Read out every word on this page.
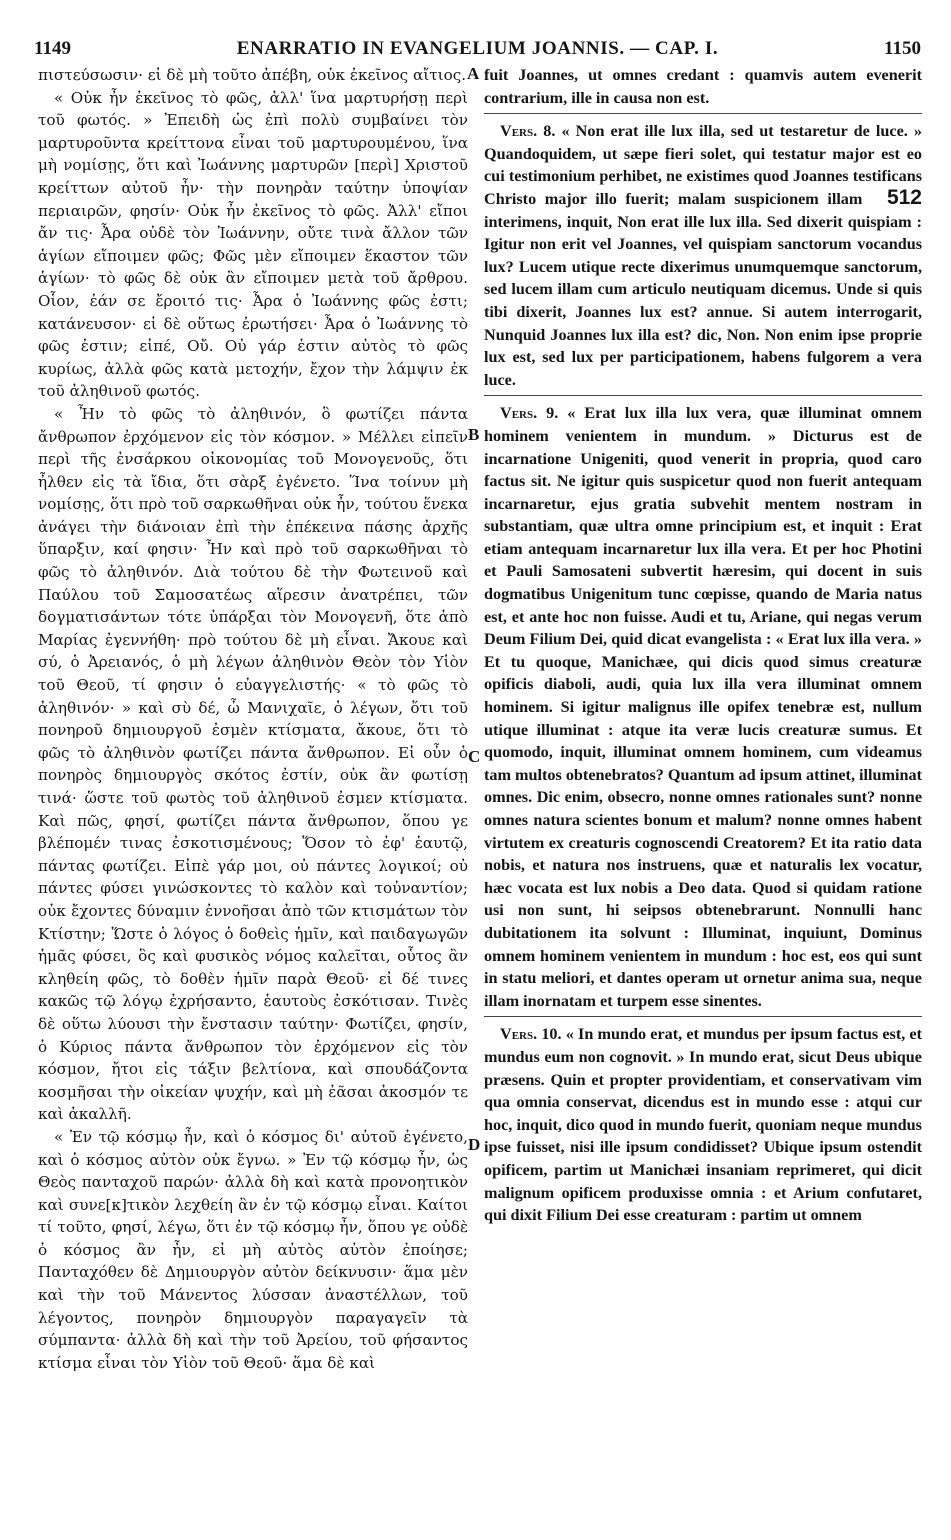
1149	ENARRATIO IN EVANGELIUM JOANNIS. — CAP. I.	1150

πιστεύσωσιν· εἰ δὲ μὴ τοῦτο ἀπέβη, οὐκ ἐκεῖνος αἴτιος.

« Οὐκ ἦν ἐκεῖνος τὸ φῶς, ἀλλ' ἵνα μαρτυρήσῃ περὶ τοῦ φωτός. » Ἐπειδὴ ὡς ἐπὶ πολὺ συμβαίνει τὸν μαρτυροῦντα κρείττονα εἶναι τοῦ μαρτυρουμένου, ἵνα μὴ νομίσῃς, ὅτι καὶ Ἰωάννης μαρτυρῶν [περὶ] Χριστοῦ κρείττων αὐτοῦ ἦν· τὴν πονηρὰν ταύτην ὑποψίαν περιαιρῶν, φησίν· Οὐκ ἦν ἐκεῖνος τὸ φῶς. Ἀλλ' εἴποι ἄν τις· Ἆρα οὐδὲ τὸν Ἰωάννην, οὔτε τινὰ ἄλλον τῶν ἁγίων εἴποιμεν φῶς; Φῶς μὲν εἴποιμεν ἕκαστον τῶν ἁγίων· τὸ φῶς δὲ οὐκ ἂν εἴποιμεν μετὰ τοῦ ἄρθρου. Οἷον, ἐάν σε ἔροιτό τις· Ἆρα ὁ Ἰωάννης φῶς ἐστι; κατάνευσον· εἰ δὲ οὕτως ἐρωτήσει· Ἆρα ὁ Ἰωάννης τὸ φῶς ἐστιν; εἰπέ, Οὔ. Οὐ γάρ ἐστιν αὐτὸς τὸ φῶς κυρίως, ἀλλὰ φῶς κατὰ μετοχήν, ἔχον τὴν λάμψιν ἐκ τοῦ ἀληθινοῦ φωτός.

« Ἦν τὸ φῶς τὸ ἀληθινόν, ὃ φωτίζει πάντα ἄνθρωπον ἐρχόμενον εἰς τὸν κόσμον. » Μέλλει εἰπεῖν περὶ τῆς ἐνσάρκου οἰκονομίας τοῦ Μονογενοῦς, ὅτι ἦλθεν εἰς τὰ ἴδια, ὅτι σὰρξ ἐγένετο. Ἵνα τοίνυν μὴ νομίσῃς, ὅτι πρὸ τοῦ σαρκωθῆναι οὐκ ἦν, τούτου ἕνεκα ἀνάγει τὴν διάνοιαν ἐπὶ τὴν ἐπέκεινα πάσης ἀρχῆς ὕπαρξιν, καί φησιν· Ἦν καὶ πρὸ τοῦ σαρκωθῆναι τὸ φῶς τὸ ἀληθινόν. Διὰ τούτου δὲ τὴν Φωτεινοῦ καὶ Παύλου τοῦ Σαμοσατέως αἵρεσιν ἀνατρέπει, τῶν δογματισάντων τότε ὑπάρξαι τὸν Μονογενῆ, ὅτε ἀπὸ Μαρίας ἐγεννήθη· πρὸ τούτου δὲ μὴ εἶναι. Ἄκουε καὶ σύ, ὁ Ἀρειανός, ὁ μὴ λέγων ἀληθινὸν Θεὸν τὸν Υἱὸν τοῦ Θεοῦ, τί φησιν ὁ εὐαγγελιστής· « τὸ φῶς τὸ ἀληθινόν· » καὶ σὺ δέ, ὦ Μανιχαῖε, ὁ λέγων, ὅτι τοῦ πονηροῦ δημιουργοῦ ἐσμὲν κτίσματα, ἄκουε, ὅτι τὸ φῶς τὸ ἀληθινὸν φωτίζει πάντα ἄνθρωπον. Εἰ οὖν ὁ πονηρὸς δημιουργὸς σκότος ἐστίν, οὐκ ἂν φωτίσῃ τινά· ὥστε τοῦ φωτὸς τοῦ ἀληθινοῦ ἐσμεν κτίσματα. Καὶ πῶς, φησί, φωτίζει πάντα ἄνθρωπον, ὅπου γε βλέπομέν τινας ἐσκοτισμένους; Ὅσον τὸ ἐφ' ἑαυτῷ, πάντας φωτίζει. Εἰπὲ γάρ μοι, οὐ πάντες λογικοί; οὐ πάντες φύσει γινώσκοντες τὸ καλὸν καὶ τοὐναντίον; οὐκ ἔχοντες δύναμιν ἐννοῆσαι ἀπὸ τῶν κτισμάτων τὸν Κτίστην; Ὥστε ὁ λόγος ὁ δοθεὶς ἡμῖν, καὶ παιδαγωγῶν ἡμᾶς φύσει, ὃς καὶ φυσικὸς νόμος καλεῖται, οὗτος ἂν κληθείη φῶς, τὸ δοθὲν ἡμῖν παρὰ Θεοῦ· εἰ δέ τινες κακῶς τῷ λόγῳ ἐχρήσαντο, ἑαυτοὺς ἐσκότισαν. Τινὲς δὲ οὕτω λύουσι τὴν ἔνστασιν ταύτην· Φωτίζει, φησίν, ὁ Κύριος πάντα ἄνθρωπον τὸν ἐρχόμενον εἰς τὸν κόσμον, ἤτοι εἰς τάξιν βελτίονα, καὶ σπουδάζοντα κοσμῆσαι τὴν οἰκείαν ψυχήν, καὶ μὴ ἐᾶσαι ἀκοσμόν τε καὶ ἀκαλλῆ.

« Ἐν τῷ κόσμῳ ἦν, καὶ ὁ κόσμος δι' αὐτοῦ ἐγένετο, καὶ ὁ κόσμος αὐτὸν οὐκ ἔγνω. » Ἐν τῷ κόσμῳ ἦν, ὡς Θεὸς πανταχοῦ παρών· ἀλλὰ δὴ καὶ κατὰ προνοητικὸν καὶ συνε[κ]τικὸν λεχθείη ἂν ἐν τῷ κόσμῳ εἶναι. Καίτοι τί τοῦτο, φησί, λέγω, ὅτι ἐν τῷ κόσμῳ ἦν, ὅπου γε οὐδὲ ὁ κόσμος ἂν ἦν, εἰ μὴ αὐτὸς αὐτὸν ἐποίησε; Πανταχόθεν δὲ Δημιουργὸν αὐτὸν δείκνυσιν· ἅμα μὲν καὶ τὴν τοῦ Μάνεντος λύσσαν ἀναστέλλων, τοῦ λέγοντος, πονηρὸν δημιουργὸν παραγαγεῖν τὰ σύμπαντα· ἀλλὰ δὴ καὶ τὴν τοῦ Ἀρείου, τοῦ φήσαντος κτίσμα εἶναι τὸν Υἱὸν τοῦ Θεοῦ· ἅμα δὲ καὶ

fuit Joannes, ut omnes credant : quamvis autem evenerit contrarium, ille in causa non est.

Vers. 8. « Non erat ille lux illa, sed ut testaretur de luce. » Quandoquidem, ut sæpe fieri solet, qui testatur major est eo cui testimonium perhibet, ne existimes quod Joannes testificans Christo major illo fuerit; malam suspicionem illam 512 interimens, inquit, Non erat ille lux illa. Sed dixerit quispiam : Igitur non erit vel Joannes, vel quispiam sanctorum vocandus lux? Lucem utique recte dixerimus unumquemque sanctorum, sed lucem illam cum articulo neutiquam dicemus. Unde si quis tibi dixerit, Joannes lux est? annue. Si autem interrogarit, Nunquid Joannes lux illa est? dic, Non. Non enim ipse proprie lux est, sed lux per participationem, habens fulgorem a vera luce.

Vers. 9. « Erat lux illa lux vera, quæ illuminat omnem hominem venientem in mundum. » Dicturus est de incarnatione Unigeniti, quod venerit in propria, quod caro factus sit. Ne igitur quis suspicetur quod non fuerit antequam incarnaretur, ejus gratia subvehit mentem nostram in substantiam, quæ ultra omne principium est, et inquit : Erat etiam antequam incarnaretur lux illa vera. Et per hoc Photini et Pauli Samosateni subvertit hæresim, qui docent in suis dogmatibus Unigenitum tunc cœpisse, quando de Maria natus est, et ante hoc non fuisse. Audi et tu, Ariane, qui negas verum Deum Filium Dei, quid dicat evangelista : « Erat lux illa vera. » Et tu quoque, Manichæe, qui dicis quod simus creaturæ opificis diaboli, audi, quia lux illa vera illuminat omnem hominem. Si igitur malignus ille opifex tenebræ est, nullum utique illuminat : atque ita veræ lucis creaturæ sumus. Et quomodo, inquit, illuminat omnem hominem, cum videamus tam multos obtenebratos? Quantum ad ipsum attinet, illuminat omnes. Dic enim, obsecro, nonne omnes rationales sunt? nonne omnes natura scientes bonum et malum? nonne omnes habent virtutem ex creaturis cognoscendi Creatorem? Et ita ratio data nobis, et natura nos instruens, quæ et naturalis lex vocatur, hæc vocata est lux nobis a Deo data. Quod si quidam ratione usi non sunt, hi seipsos obtenebrarunt. Nonnulli hanc dubitationem ita solvunt : Illuminat, inquiunt, Dominus omnem hominem venientem in mundum : hoc est, eos qui sunt in statu meliori, et dantes operam ut ornetur anima sua, neque illam inornatam et turpem esse sinentes.

Vers. 10. « In mundo erat, et mundus per ipsum factus est, et mundus eum non cognovit. » In mundo erat, sicut Deus ubique præsens. Quin et propter providentiam, et conservativam vim qua omnia conservat, dicendus est in mundo esse : atqui cur hoc, inquit, dico quod in mundo fuerit, quoniam neque mundus ipse fuisset, nisi ille ipsum condidisset? Ubique ipsum ostendit opificem, partim ut Manichæi insaniam reprimeret, qui dicit malignum opificem produxisse omnia : et Arium confutaret, qui dixit Filium Dei esse creaturam : partim ut omnem

A
B
C
D
